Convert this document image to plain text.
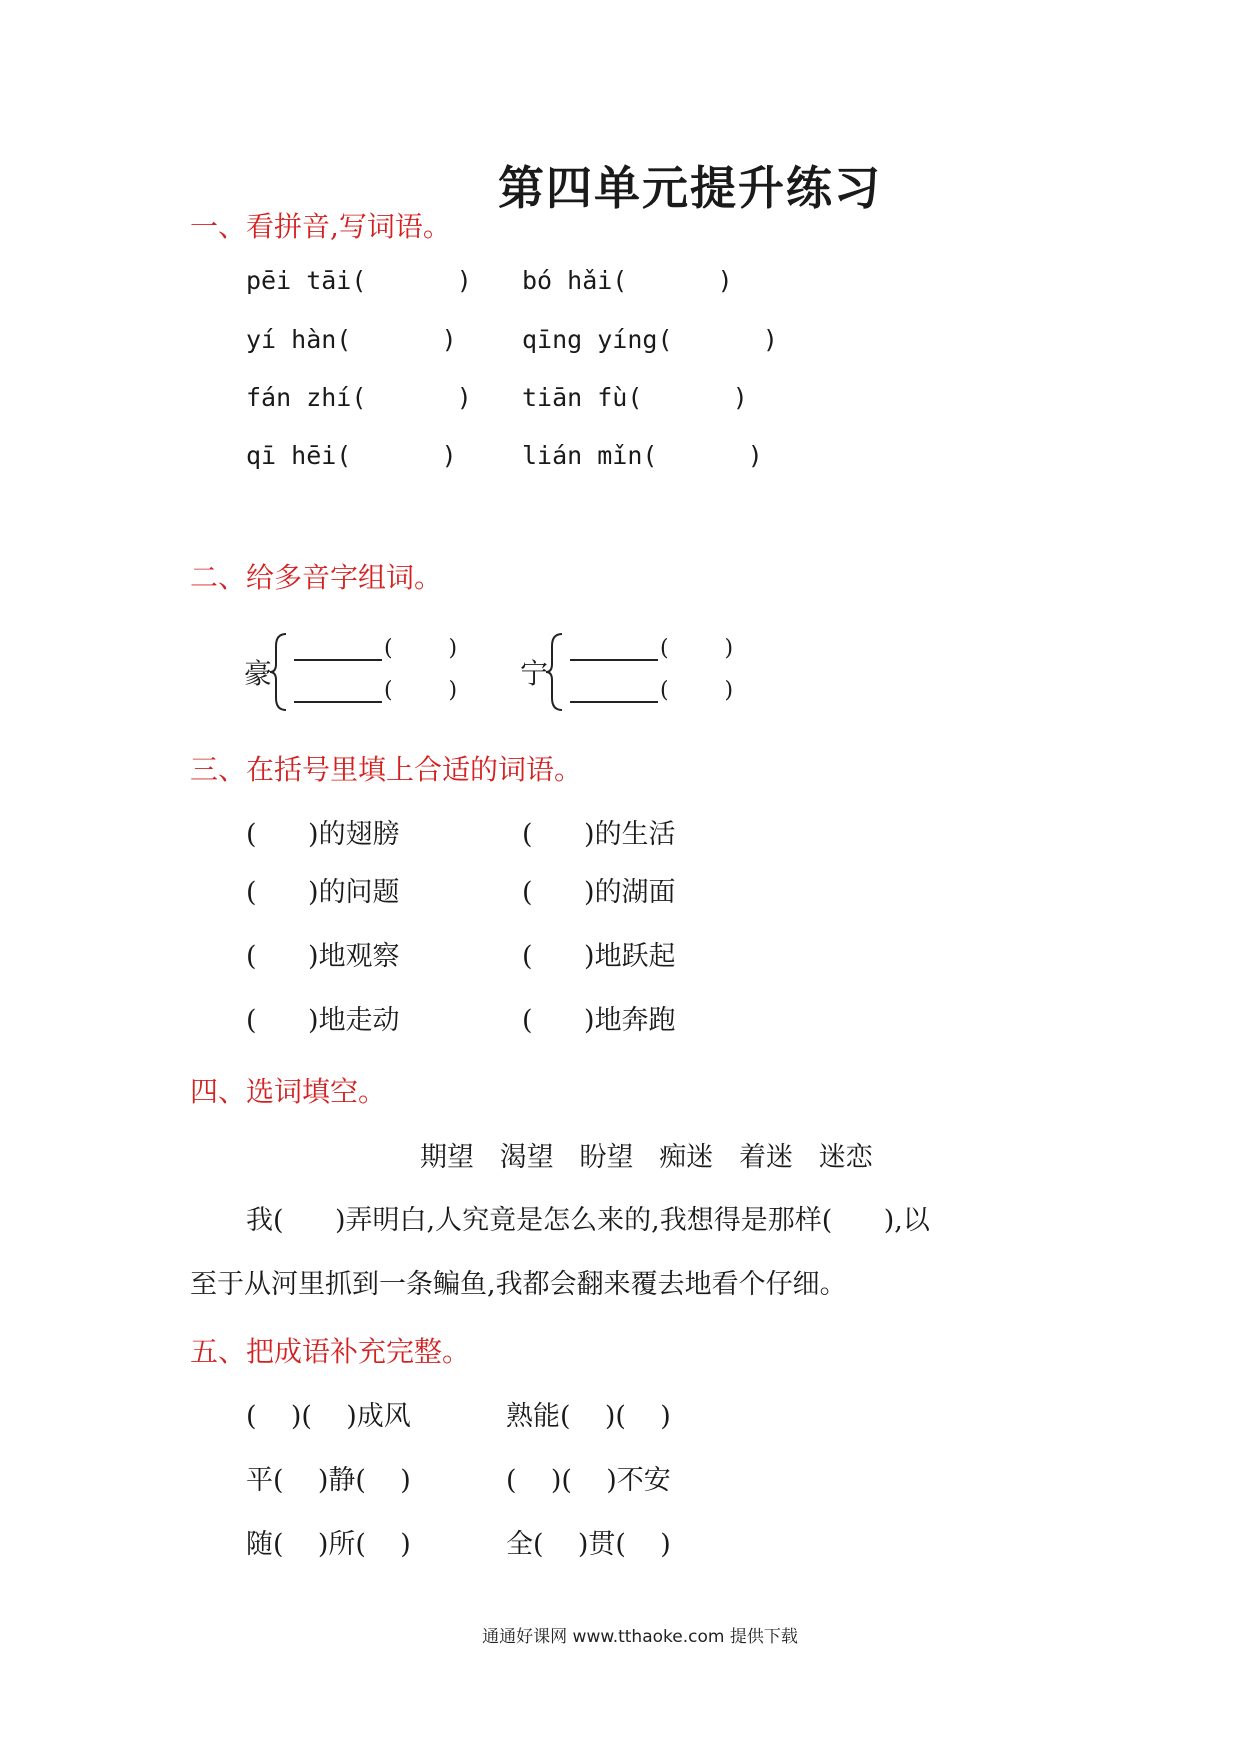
第四单元提升练习
一、看拼音,写词语。
pēi tāi(      ) bó hǎi(      )
yí hàn(      )	qīng yíng(      )
fán zhí(      ) tiān fù(      )
qī hēi(      )	lián mǐn(      )
二、给多音字组词。
豪
(        )
(        )
宁
(        )
(        )
三、在括号里填上合适的词语。
(      )的翅膀	(      )的生活
(      )的问题	(      )的湖面
(      )地观察	(      )地跃起
(      )地走动	(      )地奔跑
四、选词填空。
期望   渴望   盼望   痴迷   着迷   迷恋
我(      )弄明白,人究竟是怎么来的,我想得是那样(      ),以
至于从河里抓到一条鳊鱼,我都会翻来覆去地看个仔细。
五、把成语补充完整。
(    )(    )成风	熟能(    )(    )
平(    )静(    )	(    )(    )不安
随(    )所(    )	全(    )贯(    )
通通好课网 www.tthaoke.com 提供下载
